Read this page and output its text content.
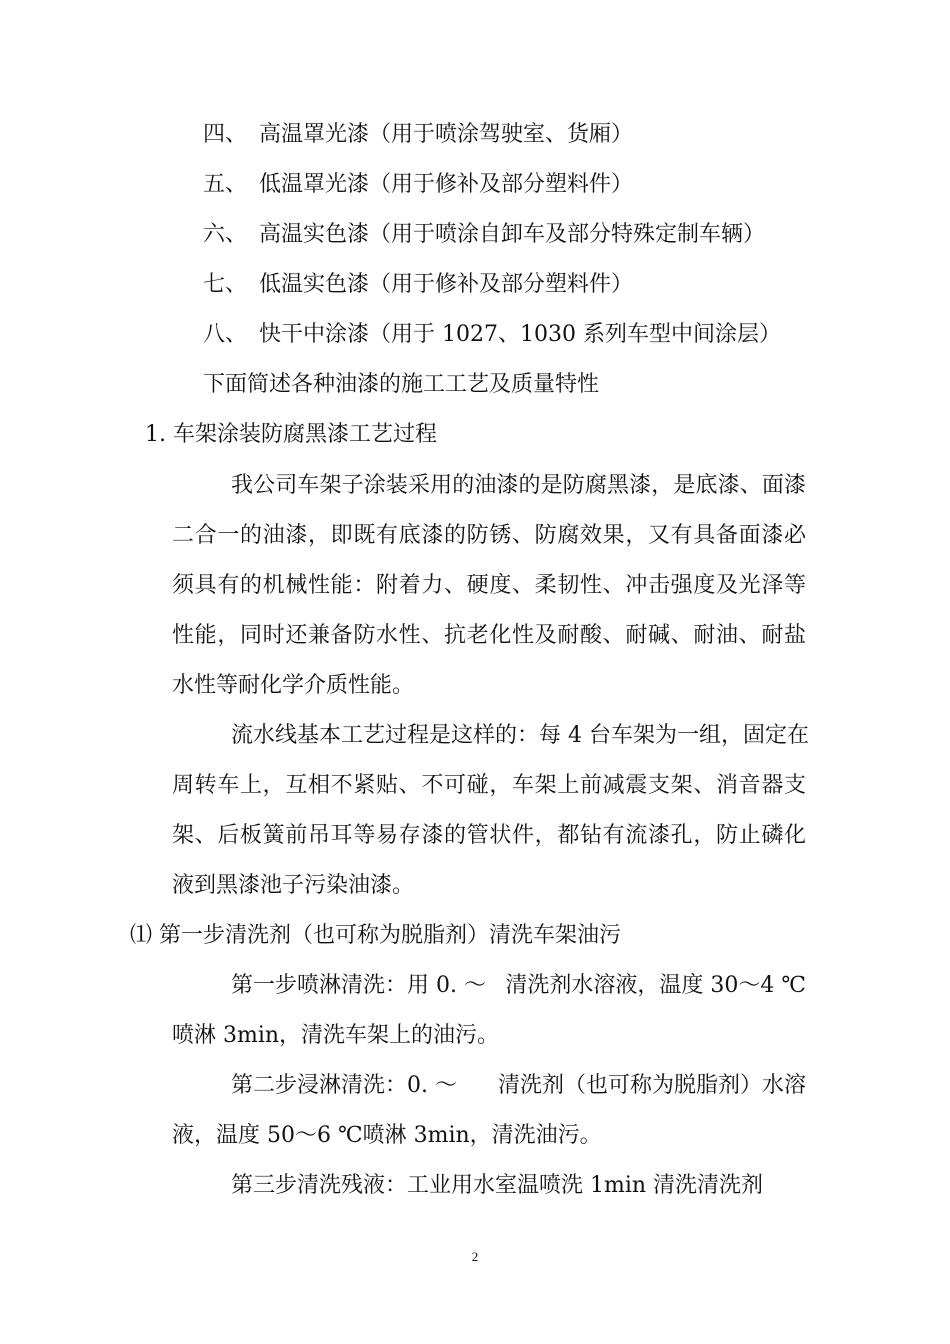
四、 高温罩光漆（用于喷涂驾驶室、货厢）
五、 低温罩光漆（用于修补及部分塑料件）
六、 高温实色漆（用于喷涂自卸车及部分特殊定制车辆）
七、 低温实色漆（用于修补及部分塑料件）
八、 快干中涂漆（用于 1027、1030 系列车型中间涂层）
下面简述各种油漆的施工工艺及质量特性
1. 车架涂装防腐黑漆工艺过程
我公司车架子涂装采用的油漆的是防腐黑漆，是底漆、面漆
二合一的油漆，即既有底漆的防锈、防腐效果，又有具备面漆必
须具有的机械性能：附着力、硬度、柔韧性、冲击强度及光泽等
性能，同时还兼备防水性、抗老化性及耐酸、耐碱、耐油、耐盐
水性等耐化学介质性能。
流水线基本工艺过程是这样的：每 4 台车架为一组，固定在
周转车上，互相不紧贴、不可碰，车架上前减震支架、消音器支
架、后板簧前吊耳等易存漆的管状件，都钻有流漆孔，防止磷化
液到黑漆池子污染油漆。
⑴ 第一步清洗剂（也可称为脱脂剂）清洗车架油污
第一步喷淋清洗：用 0. ～ 清洗剂水溶液，温度 30～4 ℃
喷淋 3min，清洗车架上的油污。
第二步浸淋清洗：0. ～ 清洗剂（也可称为脱脂剂）水溶
液，温度 50～6 ℃喷淋 3min，清洗油污。
第三步清洗残液：工业用水室温喷洗 1min 清洗清洗剂
2
